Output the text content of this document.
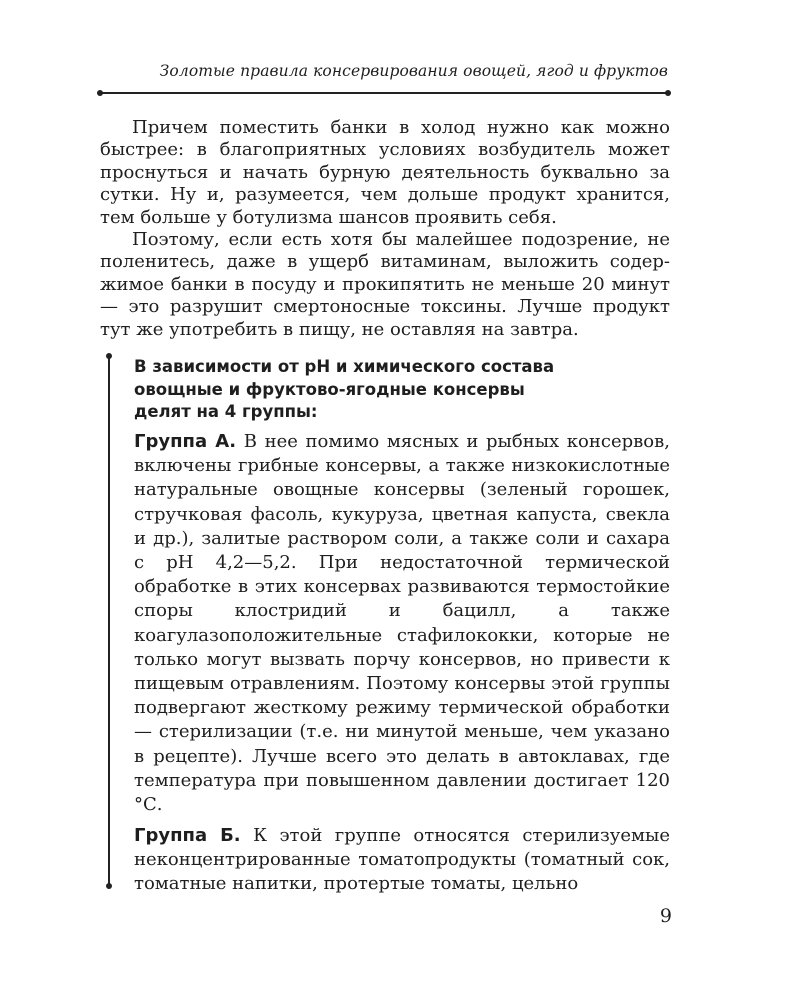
Золотые правила консервирования овощей, ягод и фруктов

Причем поместить банки в холод нужно как можно быстрее: в благоприятных условиях возбудитель может проснуться и начать бурную деятельность буквально за сутки. Ну и, разумеется, чем дольше продукт хранится, тем больше у ботулизма шансов проявить себя.

Поэтому, если есть хотя бы малейшее подозрение, не поленитесь, даже в ущерб витаминам, выложить содержимое банки в посуду и прокипятить не меньше 20 минут — это разрушит смертоносные токсины. Лучше продукт тут же употребить в пищу, не оставляя на завтра.

В зависимости от pH и химического состава
овощные и фруктово-ягодные консервы
делят на 4 группы:

Группа А. В нее помимо мясных и рыбных консервов, включены грибные консервы, а также низкокислотные натуральные овощные консервы (зеленый горошек, стручковая фасоль, кукуруза, цветная капуста, свекла и др.), залитые раствором соли, а также соли и сахара с pH 4,2—5,2. При недостаточной термической обработке в этих консервах развиваются термостойкие споры клостридий и бацилл, а также коагулазоположительные стафилококки, которые не только могут вызвать порчу консервов, но привести к пищевым отравлениям. Поэтому консервы этой группы подвергают жесткому режиму термической обработки — стерилизации (т.е. ни минутой меньше, чем указано в рецепте). Лучше всего это делать в автоклавах, где температура при повышенном давлении достигает 120 °С.

Группа Б. К этой группе относятся стерилизуемые неконцентрированные томатопродукты (томатный сок, томатные напитки, протертые томаты, цельно

9
